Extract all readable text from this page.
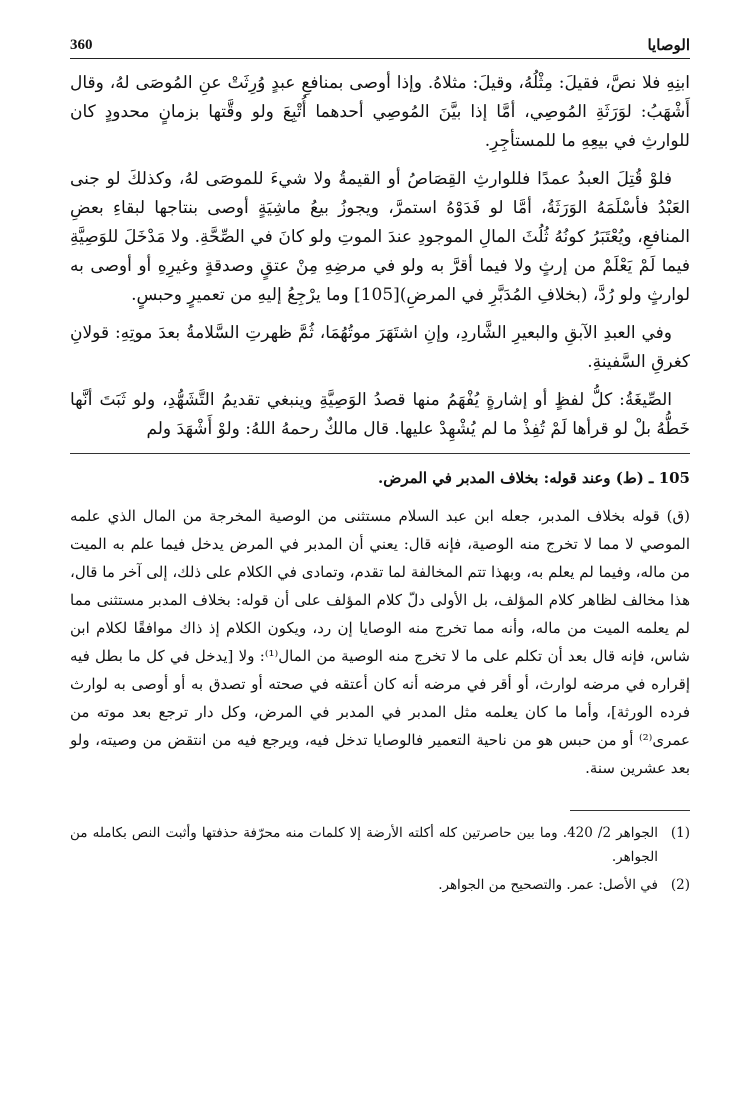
360	الوصايا

ابنِهِ فلا نصَّ، فقيلَ: مِثْلُهُ، وقيلَ: مثلاهُ. وإذا أوصى بمنافعِ عبدٍ وُرِثَتْ عنِ المُوصَى لهُ، وقال أَشْهَبُ: لوَرَثَةِ المُوصِي، أمَّا إذا بيَّنَ المُوصِي أحدهما أُتْبِعَ ولو وقَّتها بزمانٍ محدودٍ كان للوارثِ في بيعِهِ ما للمستأجِرِ.

فلوْ قُتِلَ العبدُ عمدًا فللوارثِ القِصَاصُ أو القيمةُ ولا شيءَ للموصَى لهُ، وكذلكَ لو جنى العَبْدُ فأسْلَمَهُ الوَرَثَةُ، أمَّا لو فَدَوْهُ استمرَّ، ويجوزُ بيعُ ماشِيَةٍ أوصى بنتاجها لبقاءِ بعضِ المنافعِ، ويُعْتَبَرُ كونُهُ ثُلُثَ المالِ الموجودِ عندَ الموتِ ولو كانَ في الصِّحَّةِ. ولا مَدْخَلَ للوَصِيَّةِ فيما لَمْ يَعْلَمْ من إرثٍ ولا فيما أقرَّ به ولو في مرضِهِ مِنْ عتقٍ وصدقةٍ وغيرِهِ أو أوصى به لوارثٍ ولو رُدَّ، (بخلافِ المُدَبَّرِ في المرضِ)[105] وما يرْجِعُ إليهِ من تعميرٍ وحبسٍ.

وفي العبدِ الآبقِ والبعيرِ الشَّاردِ، وإنِ اشتَهَرَ موتُهُمَا، ثُمَّ ظهرتِ السَّلامةُ بعدَ موتِهِ: قولانِ كغرقِ السَّفينةِ.

الصِّيغَةُ: كلُّ لفظٍ أو إشارةٍ يُفْهَمُ منها قصدُ الوَصِيَّةِ وينبغي تقديمُ التَّشَهُّدِ، ولو ثَبَتَ أنَّها خَطُّهُ بلْ لو قرأها لَمْ تُفِذْ ما لم يُشْهِدْ عليها. قال مالكٌ رحمهُ اللهُ: ولوْ أَشْهَدَ ولم

105 ـ (ط) وعند قوله: بخلاف المدبر في المرض.

(ق) قوله بخلاف المدبر، جعله ابن عبد السلام مستثنى من الوصية المخرجة من المال الذي علمه الموصي لا مما لا تخرج منه الوصية، فإنه قال: يعني أن المدبر في المرض يدخل فيما علم به الميت من ماله، وفيما لم يعلم به، وبهذا تتم المخالفة لما تقدم، وتمادى في الكلام على ذلك، إلى آخر ما قال، هذا مخالف لظاهر كلام المؤلف، بل الأولى دلّ كلام المؤلف على أن قوله: بخلاف المدبر مستثنى مما لم يعلمه الميت من ماله، وأنه مما تخرج منه الوصايا إن رد، ويكون الكلام إذ ذاك موافقًا لكلام ابن شاس، فإنه قال بعد أن تكلم على ما لا تخرج منه الوصية من المال⁽¹⁾: ولا [يدخل في كل ما بطل فيه إقراره في مرضه لوارث، أو أقر في مرضه أنه كان أعتقه في صحته أو تصدق به أو أوصى به لوارث فرده الورثة]، وأما ما كان يعلمه مثل المدبر في المدبر في المرض، وكل دار ترجع بعد موته من عمرى⁽²⁾ أو من حبس هو من ناحية التعمير فالوصايا تدخل فيه، ويرجع فيه من انتقض من وصيته، ولو بعد عشرين سنة.

(1)
الجواهر 2/ 420. وما بين حاصرتين كله أكلته الأرضة إلا كلمات منه محرّفة حذفتها وأثبت النص بكامله من الجواهر.
(2)
في الأصل: عمر. والتصحيح من الجواهر.
